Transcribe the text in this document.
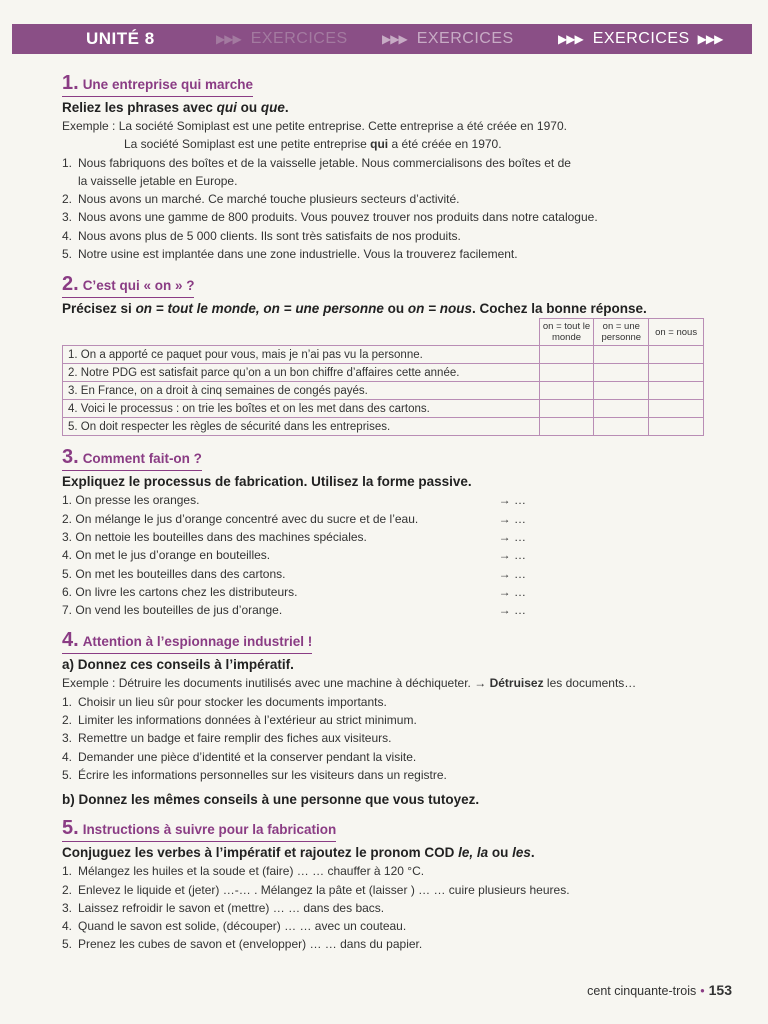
UNITÉ 8	▶▶▶ EXERCICES	▶▶▶ EXERCICES	▶▶▶ EXERCICES ▶▶▶
1. Une entreprise qui marche
Reliez les phrases avec qui ou que.
Exemple : La société Somiplast est une petite entreprise. Cette entreprise a été créée en 1970.
La société Somiplast est une petite entreprise qui a été créée en 1970.
1. Nous fabriquons des boîtes et de la vaisselle jetable. Nous commercialisons des boîtes et de
la vaisselle jetable en Europe.
2. Nous avons un marché. Ce marché touche plusieurs secteurs d’activité.
3. Nous avons une gamme de 800 produits. Vous pouvez trouver nos produits dans notre catalogue.
4. Nous avons plus de 5 000 clients. Ils sont très satisfaits de nos produits.
5. Notre usine est implantée dans une zone industrielle. Vous la trouverez facilement.
2. C’est qui « on » ?
Précisez si on = tout le monde, on = une personne ou on = nous. Cochez la bonne réponse.
	on = tout le monde	on = une personne	on = nous
1. On a apporté ce paquet pour vous, mais je n’ai pas vu la personne.			
2. Notre PDG est satisfait parce qu’on a un bon chiffre d’affaires cette année.			
3. En France, on a droit à cinq semaines de congés payés.			
4. Voici le processus : on trie les boîtes et on les met dans des cartons.			
5. On doit respecter les règles de sécurité dans les entreprises.			
3. Comment fait-on ?
Expliquez le processus de fabrication. Utilisez la forme passive.
1. On presse les oranges.	→ …
2. On mélange le jus d’orange concentré avec du sucre et de l’eau.	→ …
3. On nettoie les bouteilles dans des machines spéciales.	→ …
4. On met le jus d’orange en bouteilles.	→ …
5. On met les bouteilles dans des cartons.	→ …
6. On livre les cartons chez les distributeurs.	→ …
7. On vend les bouteilles de jus d’orange.	→ …
4. Attention à l’espionnage industriel !
a) Donnez ces conseils à l’impératif.
Exemple : Détruire les documents inutilisés avec une machine à déchiqueter. → Détruisez les documents…
1. Choisir un lieu sûr pour stocker les documents importants.
2. Limiter les informations données à l’extérieur au strict minimum.
3. Remettre un badge et faire remplir des fiches aux visiteurs.
4. Demander une pièce d’identité et la conserver pendant la visite.
5. Écrire les informations personnelles sur les visiteurs dans un registre.
b) Donnez les mêmes conseils à une personne que vous tutoyez.
5. Instructions à suivre pour la fabrication
Conjuguez les verbes à l’impératif et rajoutez le pronom COD le, la ou les.
1. Mélangez les huiles et la soude et (faire) … … chauffer à 120 °C.
2. Enlevez le liquide et (jeter) …-… . Mélangez la pâte et (laisser ) … … cuire plusieurs heures.
3. Laissez refroidir le savon et (mettre) … … dans des bacs.
4. Quand le savon est solide, (découper) … … avec un couteau.
5. Prenez les cubes de savon et (envelopper) … … dans du papier.
cent cinquante-trois • 153
